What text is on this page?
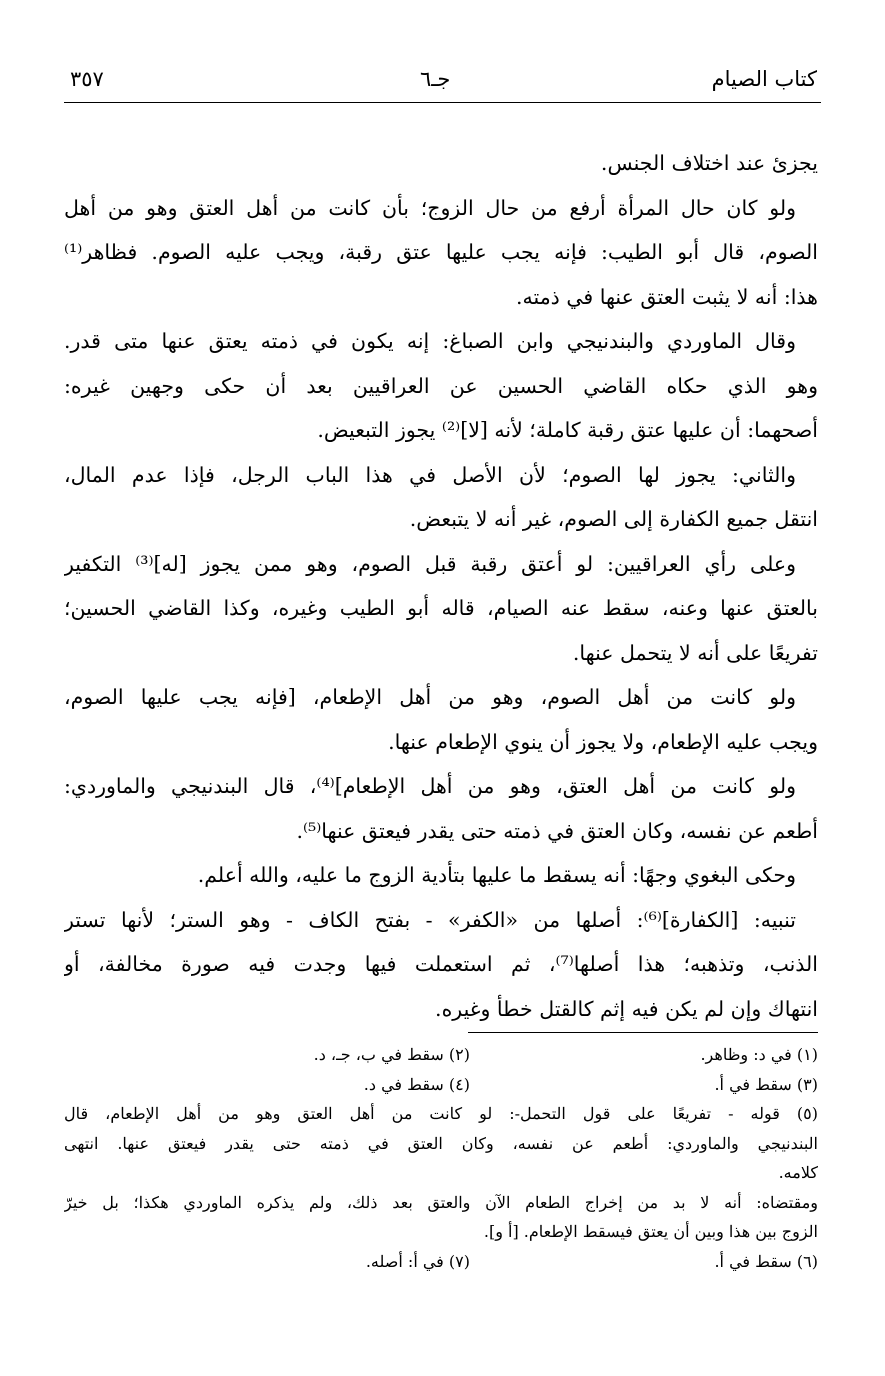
كتاب الصيام
جـ٦
٣٥٧
يجزئ عند اختلاف الجنس.
ولو كان حال المرأة أرفع من حال الزوج؛ بأن كانت من أهل العتق وهو من أهل
الصوم، قال أبو الطيب: فإنه يجب عليها عتق رقبة، ويجب عليه الصوم. فظاهر⁽¹⁾
هذا: أنه لا يثبت العتق عنها في ذمته.
وقال الماوردي والبندنيجي وابن الصباغ: إنه يكون في ذمته يعتق عنها متى قدر.
وهو الذي حكاه القاضي الحسين عن العراقيين بعد أن حكى وجهين غيره:
أصحهما: أن عليها عتق رقبة كاملة؛ لأنه [لا]⁽²⁾ يجوز التبعيض.
والثاني: يجوز لها الصوم؛ لأن الأصل في هذا الباب الرجل، فإذا عدم المال،
انتقل جميع الكفارة إلى الصوم، غير أنه لا يتبعض.
وعلى رأي العراقيين: لو أعتق رقبة قبل الصوم، وهو ممن يجوز [له]⁽³⁾ التكفير
بالعتق عنها وعنه، سقط عنه الصيام، قاله أبو الطيب وغيره، وكذا القاضي الحسين؛
تفريعًا على أنه لا يتحمل عنها.
ولو كانت من أهل الصوم، وهو من أهل الإطعام، [فإنه يجب عليها الصوم،
ويجب عليه الإطعام، ولا يجوز أن ينوي الإطعام عنها.
ولو كانت من أهل العتق، وهو من أهل الإطعام]⁽⁴⁾، قال البندنيجي والماوردي:
أطعم عن نفسه، وكان العتق في ذمته حتى يقدر فيعتق عنها⁽⁵⁾.
وحكى البغوي وجهًا: أنه يسقط ما عليها بتأدية الزوج ما عليه، والله أعلم.
تنبيه: [الكفارة]⁽⁶⁾: أصلها من «الكفر» - بفتح الكاف - وهو الستر؛ لأنها تستر
الذنب، وتذهبه؛ هذا أصلها⁽⁷⁾، ثم استعملت فيها وجدت فيه صورة مخالفة، أو
انتهاك وإن لم يكن فيه إثم كالقتل خطأ وغيره.
(١) في د: وظاهر.
(٢) سقط في ب، جـ، د.
(٣) سقط في أ.
(٤) سقط في د.
(٥) قوله - تفريعًا على قول التحمل-: لو كانت من أهل العتق وهو من أهل الإطعام، قال
البندنيجي والماوردي: أطعم عن نفسه، وكان العتق في ذمته حتى يقدر فيعتق عنها. انتهى
كلامه.
ومقتضاه: أنه لا بد من إخراج الطعام الآن والعتق بعد ذلك، ولم يذكره الماوردي هكذا؛ بل خيرّ
الزوج بين هذا وبين أن يعتق فيسقط الإطعام. [أ و].
(٦) سقط في أ.
(٧) في أ: أصله.
